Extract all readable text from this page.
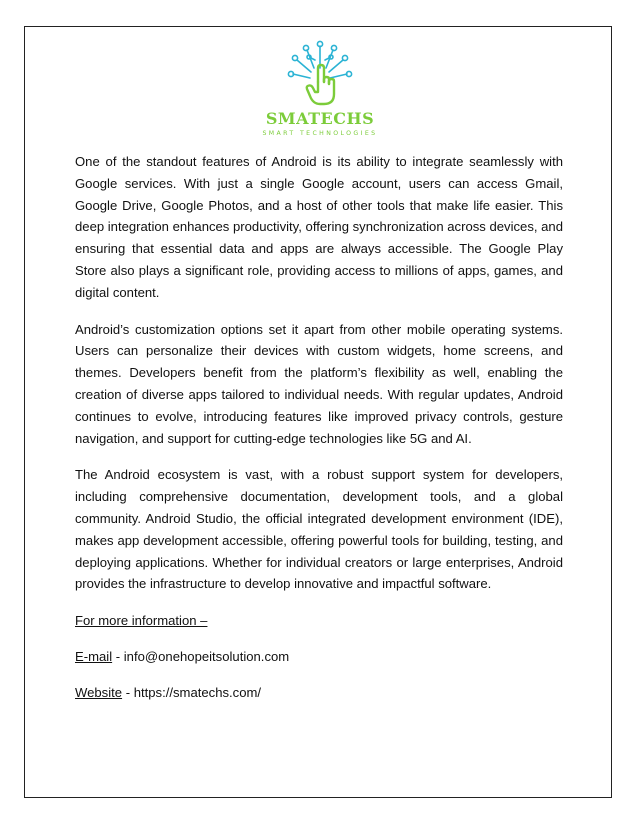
SMATECHS
SMART TECHNOLOGIES

One of the standout features of Android is its ability to integrate seamlessly with Google services. With just a single Google account, users can access Gmail, Google Drive, Google Photos, and a host of other tools that make life easier. This deep integration enhances productivity, offering synchronization across devices, and ensuring that essential data and apps are always accessible. The Google Play Store also plays a significant role, providing access to millions of apps, games, and digital content.

Android’s customization options set it apart from other mobile operating systems. Users can personalize their devices with custom widgets, home screens, and themes. Developers benefit from the platform’s flexibility as well, enabling the creation of diverse apps tailored to individual needs. With regular updates, Android continues to evolve, introducing features like improved privacy controls, gesture navigation, and support for cutting-edge technologies like 5G and AI.

The Android ecosystem is vast, with a robust support system for developers, including comprehensive documentation, development tools, and a global community. Android Studio, the official integrated development environment (IDE), makes app development accessible, offering powerful tools for building, testing, and deploying applications. Whether for individual creators or large enterprises, Android provides the infrastructure to develop innovative and impactful software.

For more information –
E-mail - info@onehopeitsolution.com
Website - https://smatechs.com/
